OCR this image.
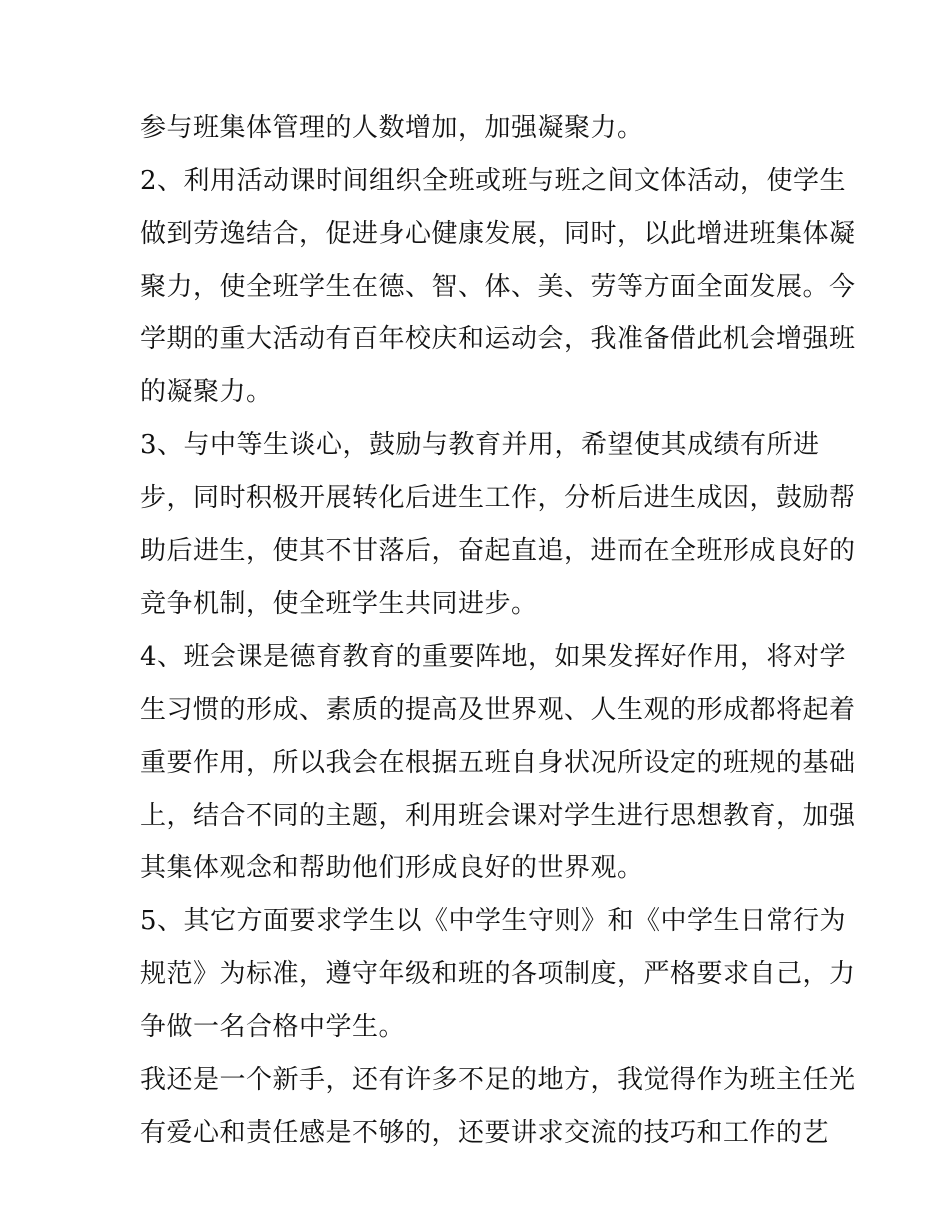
参与班集体管理的人数增加，加强凝聚力。
2、利用活动课时间组织全班或班与班之间文体活动，使学生
做到劳逸结合，促进身心健康发展，同时，以此增进班集体凝
聚力，使全班学生在德、智、体、美、劳等方面全面发展。今
学期的重大活动有百年校庆和运动会，我准备借此机会增强班
的凝聚力。
3、与中等生谈心，鼓励与教育并用，希望使其成绩有所进
步，同时积极开展转化后进生工作，分析后进生成因，鼓励帮
助后进生，使其不甘落后，奋起直追，进而在全班形成良好的
竞争机制，使全班学生共同进步。
4、班会课是德育教育的重要阵地，如果发挥好作用，将对学
生习惯的形成、素质的提高及世界观、人生观的形成都将起着
重要作用，所以我会在根据五班自身状况所设定的班规的基础
上，结合不同的主题，利用班会课对学生进行思想教育，加强
其集体观念和帮助他们形成良好的世界观。
5、其它方面要求学生以《中学生守则》和《中学生日常行为
规范》为标准，遵守年级和班的各项制度，严格要求自己，力
争做一名合格中学生。
我还是一个新手，还有许多不足的地方，我觉得作为班主任光
有爱心和责任感是不够的，还要讲求交流的技巧和工作的艺
